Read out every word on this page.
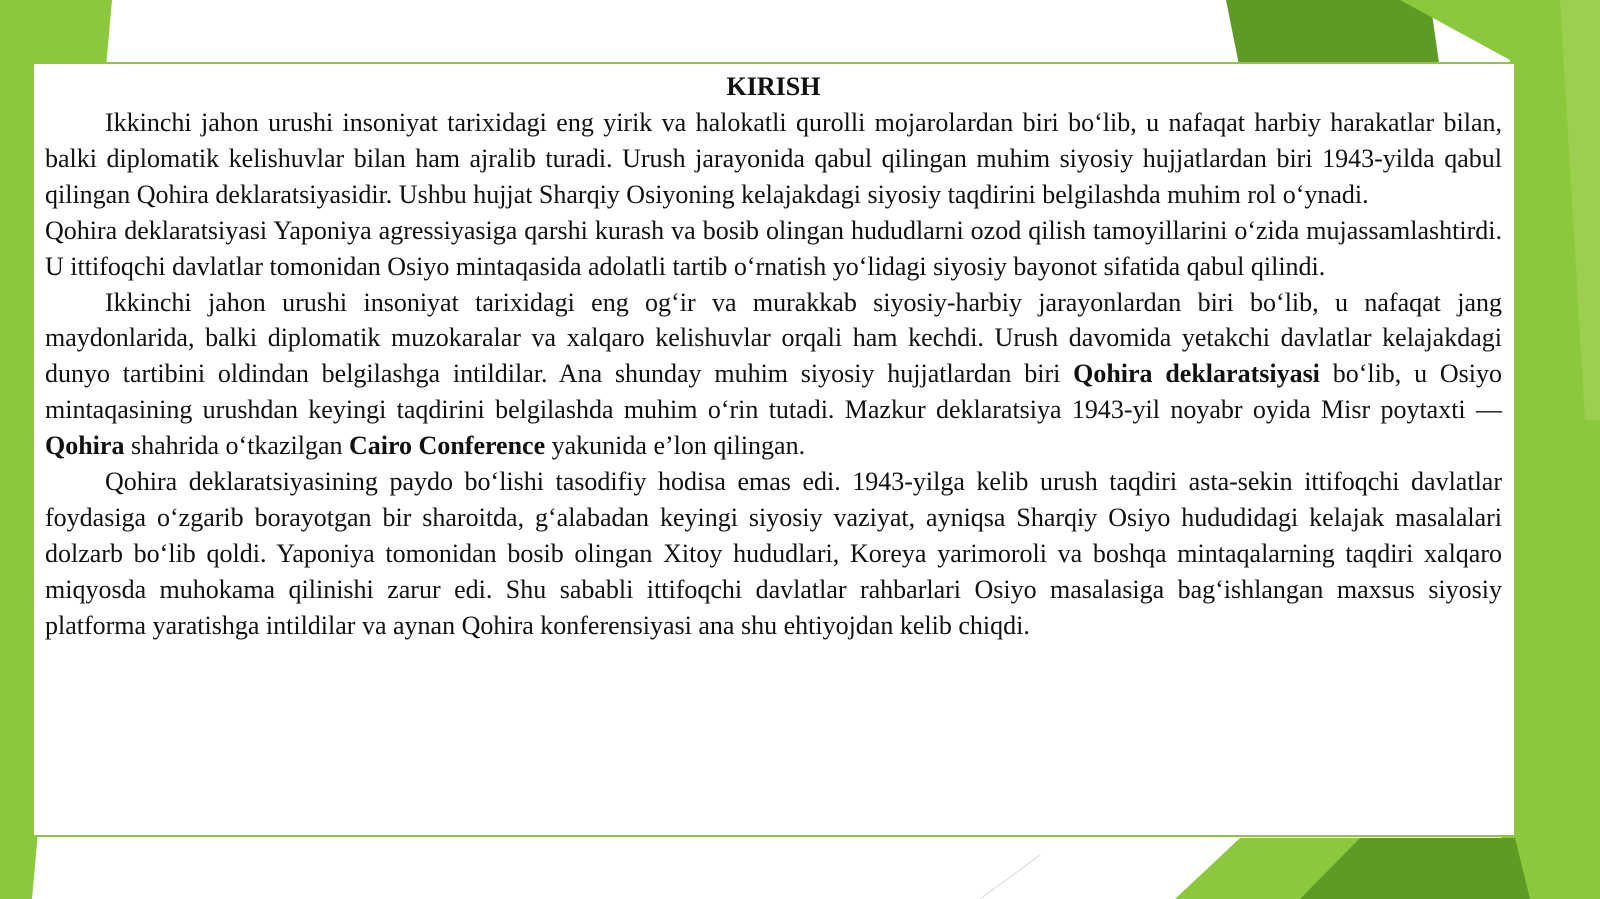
KIRISH

Ikkinchi jahon urushi insoniyat tarixidagi eng yirik va halokatli qurolli mojarolardan biri bo‘lib, u nafaqat harbiy harakatlar bilan, balki diplomatik kelishuvlar bilan ham ajralib turadi. Urush jarayonida qabul qilingan muhim siyosiy hujjatlardan biri 1943-yilda qabul qilingan Qohira deklaratsiyasidir. Ushbu hujjat Sharqiy Osiyoning kelajakdagi siyosiy taqdirini belgilashda muhim rol o‘ynadi.

Qohira deklaratsiyasi Yaponiya agressiyasiga qarshi kurash va bosib olingan hududlarni ozod qilish tamoyillarini o‘zida mujassamlashtirdi. U ittifoqchi davlatlar tomonidan Osiyo mintaqasida adolatli tartib o‘rnatish yo‘lidagi siyosiy bayonot sifatida qabul qilindi.

Ikkinchi jahon urushi insoniyat tarixidagi eng og‘ir va murakkab siyosiy-harbiy jarayonlardan biri bo‘lib, u nafaqat jang maydonlarida, balki diplomatik muzokaralar va xalqaro kelishuvlar orqali ham kechdi. Urush davomida yetakchi davlatlar kelajakdagi dunyo tartibini oldindan belgilashga intildilar. Ana shunday muhim siyosiy hujjatlardan biri Qohira deklaratsiyasi bo‘lib, u Osiyo mintaqasining urushdan keyingi taqdirini belgilashda muhim o‘rin tutadi. Mazkur deklaratsiya 1943-yil noyabr oyida Misr poytaxti — Qohira shahrida o‘tkazilgan Cairo Conference yakunida e’lon qilingan.

Qohira deklaratsiyasining paydo bo‘lishi tasodifiy hodisa emas edi. 1943-yilga kelib urush taqdiri asta-sekin ittifoqchi davlatlar foydasiga o‘zgarib borayotgan bir sharoitda, g‘alabadan keyingi siyosiy vaziyat, ayniqsa Sharqiy Osiyo hududidagi kelajak masalalari dolzarb bo‘lib qoldi. Yaponiya tomonidan bosib olingan Xitoy hududlari, Koreya yarimoroli va boshqa mintaqalarning taqdiri xalqaro miqyosda muhokama qilinishi zarur edi. Shu sababli ittifoqchi davlatlar rahbarlari Osiyo masalasiga bag‘ishlangan maxsus siyosiy platforma yaratishga intildilar va aynan Qohira konferensiyasi ana shu ehtiyojdan kelib chiqdi.
